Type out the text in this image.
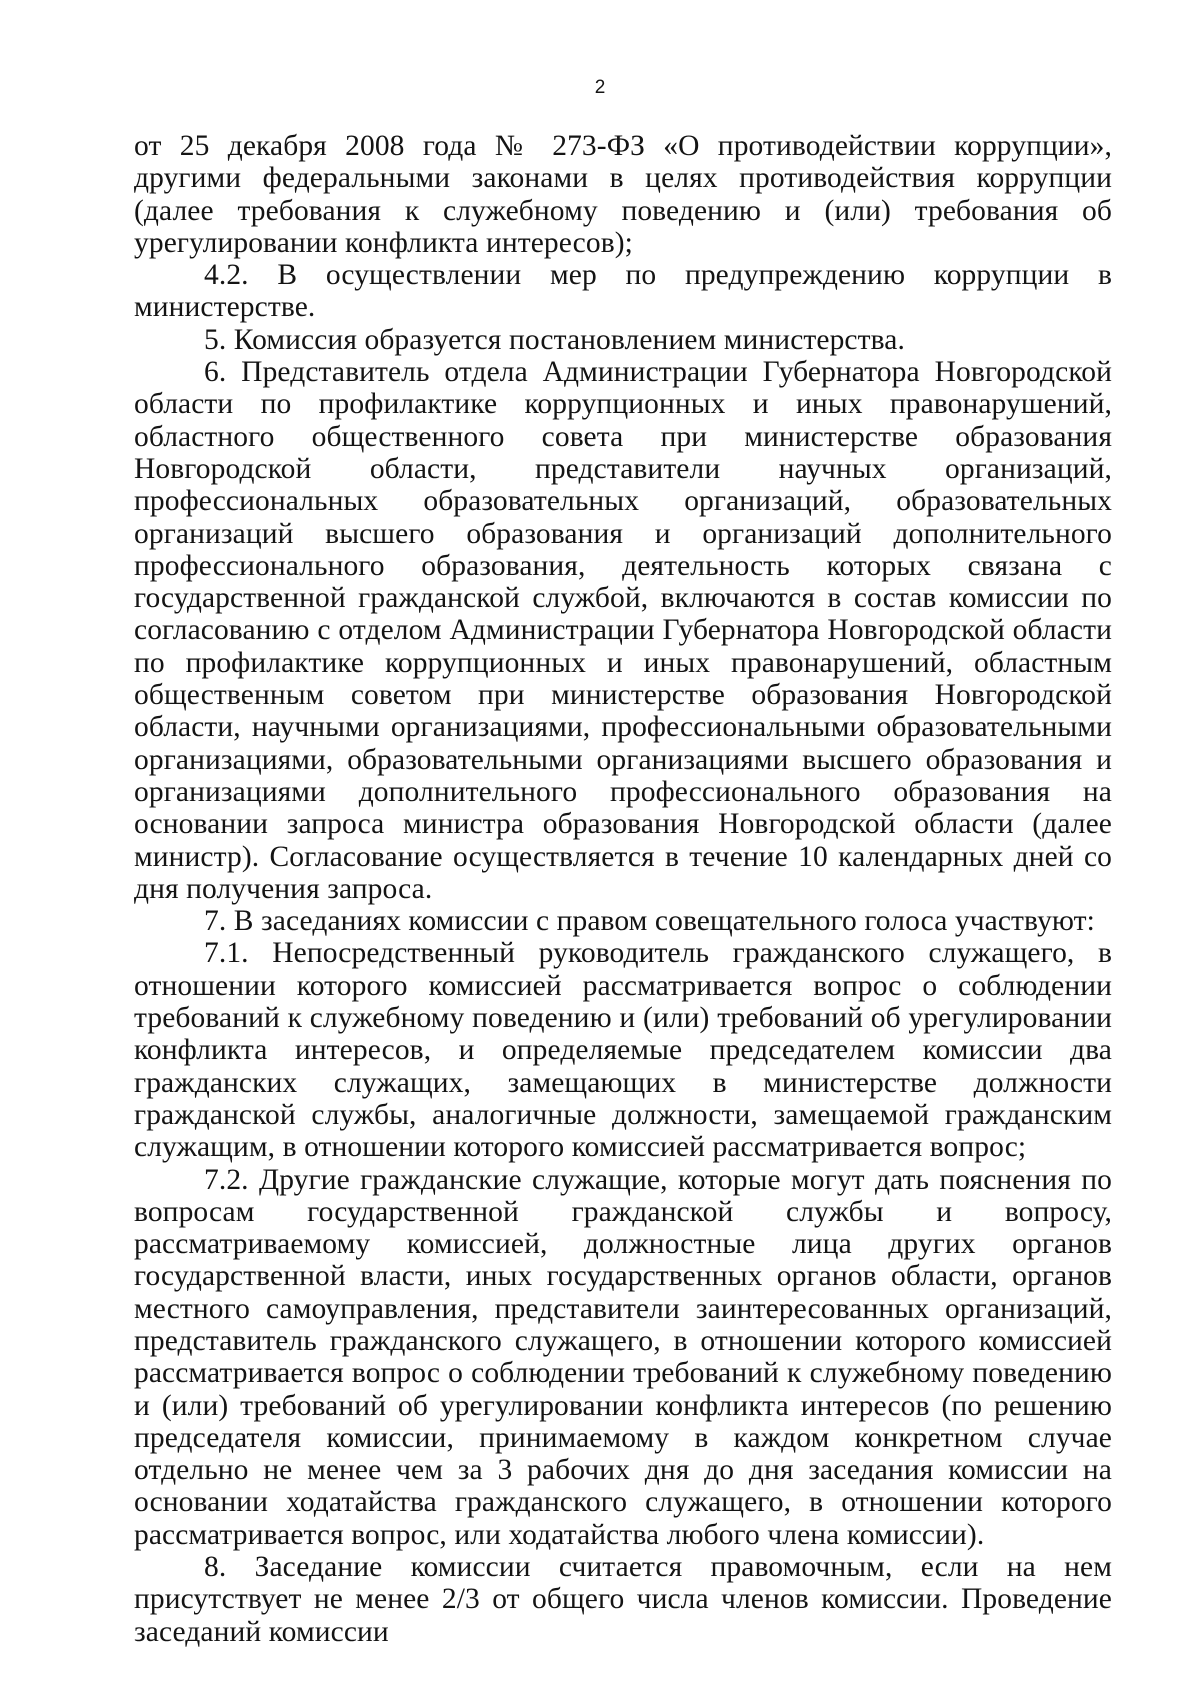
2

от 25 декабря 2008 года № 273-ФЗ «О противодействии коррупции», другими федеральными законами в целях противодействия коррупции (далее требования к служебному поведению и (или) требования об урегулировании конфликта интересов);

4.2. В осуществлении мер по предупреждению коррупции в министерстве.

5. Комиссия образуется постановлением министерства.

6. Представитель отдела Администрации Губернатора Новгородской области по профилактике коррупционных и иных правонарушений, областного общественного совета при министерстве образования Новгородской области, представители научных организаций, профессиональных образовательных организаций, образовательных организаций высшего образования и организаций дополнительного профессионального образования, деятельность которых связана с государственной гражданской службой, включаются в состав комиссии по согласованию с отделом Администрации Губернатора Новгородской области по профилактике коррупционных и иных правонарушений, областным общественным советом при министерстве образования Новгородской области, научными организациями, профессиональными образовательными организациями, образовательными организациями высшего образования и организациями дополнительного профессионального образования на основании запроса министра образования Новгородской области (далее министр). Согласование осуществляется в течение 10 календарных дней со дня получения запроса.

7. В заседаниях комиссии с правом совещательного голоса участвуют:

7.1. Непосредственный руководитель гражданского служащего, в отношении которого комиссией рассматривается вопрос о соблюдении требований к служебному поведению и (или) требований об урегулировании конфликта интересов, и определяемые председателем комиссии два гражданских служащих, замещающих в министерстве должности гражданской службы, аналогичные должности, замещаемой гражданским служащим, в отношении которого комиссией рассматривается вопрос;

7.2. Другие гражданские служащие, которые могут дать пояснения по вопросам государственной гражданской службы и вопросу, рассматриваемому комиссией, должностные лица других органов государственной власти, иных государственных органов области, органов местного самоуправления, представители заинтересованных организаций, представитель гражданского служащего, в отношении которого комиссией рассматривается вопрос о соблюдении требований к служебному поведению и (или) требований об урегулировании конфликта интересов (по решению председателя комиссии, принимаемому в каждом конкретном случае отдельно не менее чем за 3 рабочих дня до дня заседания комиссии на основании ходатайства гражданского служащего, в отношении которого рассматривается вопрос, или ходатайства любого члена комиссии).

8. Заседание комиссии считается правомочным, если на нем присутствует не менее 2/3 от общего числа членов комиссии. Проведение заседаний комиссии
